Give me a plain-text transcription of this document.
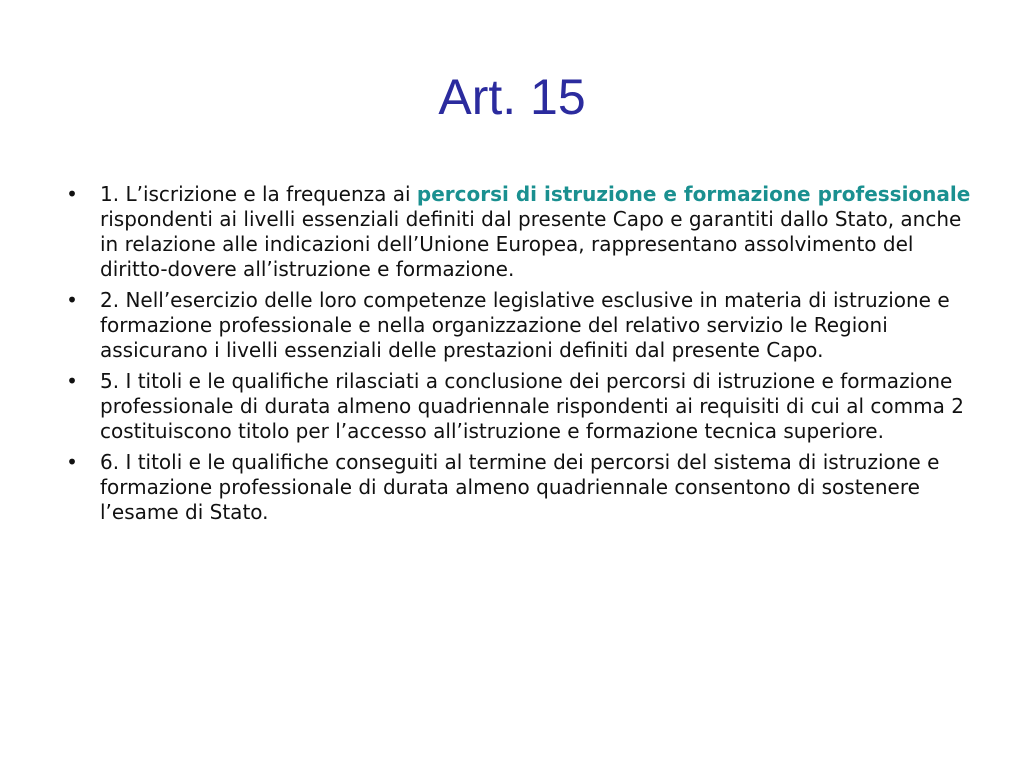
Art. 15
• 1. L’iscrizione e la frequenza ai percorsi di istruzione e formazione professionale rispondenti ai livelli essenziali definiti dal presente Capo e garantiti dallo Stato, anche in relazione alle indicazioni dell’Unione Europea, rappresentano assolvimento del diritto-dovere all’istruzione e formazione.
• 2. Nell’esercizio delle loro competenze legislative esclusive in materia di istruzione e formazione professionale e nella organizzazione del relativo servizio le Regioni assicurano i livelli essenziali delle prestazioni definiti dal presente Capo.
• 5. I titoli e le qualifiche rilasciati a conclusione dei percorsi di istruzione e formazione professionale di durata almeno quadriennale rispondenti ai requisiti di cui al comma 2 costituiscono titolo per l’accesso all’istruzione e formazione tecnica superiore.
• 6. I titoli e le qualifiche conseguiti al termine dei percorsi del sistema di istruzione e formazione professionale di durata almeno quadriennale consentono di sostenere l’esame di Stato.
